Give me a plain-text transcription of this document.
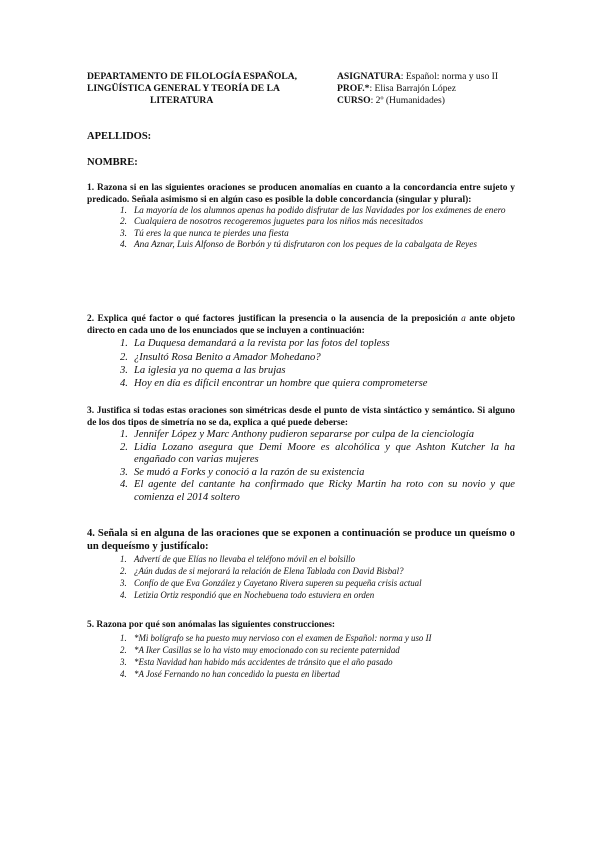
DEPARTAMENTO DE FILOLOGÍA ESPAÑOLA,
LINGÜÍSTICA GENERAL Y TEORÍA DE LA
LITERATURA
ASIGNATURA: Español: norma y uso II
PROF.*: Elisa Barrajón López
CURSO: 2º (Humanidades)
APELLIDOS:
NOMBRE:

1. Razona si en las siguientes oraciones se producen anomalías en cuanto a la concordancia entre sujeto y predicado. Señala asimismo si en algún caso es posible la doble concordancia (singular y plural):

1. La mayoría de los alumnos apenas ha podido disfrutar de las Navidades por los exámenes de enero
2. Cualquiera de nosotros recogeremos juguetes para los niños más necesitados
3. Tú eres la que nunca te pierdes una fiesta
4. Ana Aznar, Luis Alfonso de Borbón y tú disfrutaron con los peques de la cabalgata de Reyes

2. Explica qué factor o qué factores justifican la presencia o la ausencia de la preposición a ante objeto directo en cada uno de los enunciados que se incluyen a continuación:

1. La Duquesa demandará a la revista por las fotos del topless
2. ¿Insultó Rosa Benito a Amador Mohedano?
3. La iglesia ya no quema a las brujas
4. Hoy en día es difícil encontrar un hombre que quiera comprometerse

3. Justifica si todas estas oraciones son simétricas desde el punto de vista sintáctico y semántico. Si alguno de los dos tipos de simetría no se da, explica a qué puede deberse:

1. Jennifer López y Marc Anthony pudieron separarse por culpa de la cienciología
2. Lidia Lozano asegura que Demi Moore es alcohólica y que Ashton Kutcher la ha engañado con varias mujeres
3. Se mudó a Forks y conoció a la razón de su existencia
4. El agente del cantante ha confirmado que Ricky Martin ha roto con su novio y que comienza el 2014 soltero

4. Señala si en alguna de las oraciones que se exponen a continuación se produce un queísmo o un dequeísmo y justifícalo:

1. Advertí de que Elías no llevaba el teléfono móvil en el bolsillo
2. ¿Aún dudas de si mejorará la relación de Elena Tablada con David Bisbal?
3. Confío de que Eva González y Cayetano Rivera superen su pequeña crisis actual
4. Letizia Ortiz respondió que en Nochebuena todo estuviera en orden

5. Razona por qué son anómalas las siguientes construcciones:

1. *Mi bolígrafo se ha puesto muy nervioso con el examen de Español: norma y uso II
2. *A Iker Casillas se lo ha visto muy emocionado con su reciente paternidad
3. *Esta Navidad han habido más accidentes de tránsito que el año pasado
4. *A José Fernando no han concedido la puesta en libertad
